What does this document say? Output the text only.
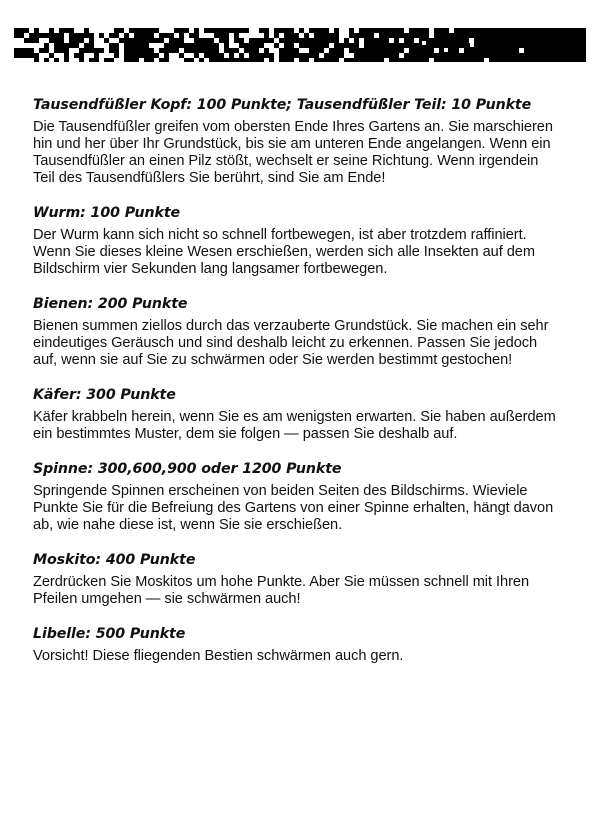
Tausendfüßler Kopf: 100 Punkte; Tausendfüßler Teil: 10 Punkte

Die Tausendfüßler greifen vom obersten Ende Ihres Gartens an. Sie marschieren hin und her über Ihr Grundstück, bis sie am unteren Ende angelangen. Wenn ein Tausendfüßler an einen Pilz stößt, wechselt er seine Richtung. Wenn irgendein Teil des Tausendfüßlers Sie berührt, sind Sie am Ende!

Wurm: 100 Punkte

Der Wurm kann sich nicht so schnell fortbewegen, ist aber trotzdem raffiniert. Wenn Sie dieses kleine Wesen erschießen, werden sich alle Insekten auf dem Bildschirm vier Sekunden lang langsamer fortbewegen.

Bienen: 200 Punkte

Bienen summen ziellos durch das verzauberte Grundstück. Sie machen ein sehr eindeutiges Geräusch und sind deshalb leicht zu erkennen. Passen Sie jedoch auf, wenn sie auf Sie zu schwärmen oder Sie werden bestimmt gestochen!

Käfer: 300 Punkte

Käfer krabbeln herein, wenn Sie es am wenigsten erwarten. Sie haben außerdem ein bestimmtes Muster, dem sie folgen — passen Sie deshalb auf.

Spinne: 300,600,900 oder 1200 Punkte

Springende Spinnen erscheinen von beiden Seiten des Bildschirms. Wieviele Punkte Sie für die Befreiung des Gartens von einer Spinne erhalten, hängt davon ab, wie nahe diese ist, wenn Sie sie erschießen.

Moskito: 400 Punkte

Zerdrücken Sie Moskitos um hohe Punkte. Aber Sie müssen schnell mit Ihren Pfeilen umgehen — sie schwärmen auch!

Libelle: 500 Punkte

Vorsicht! Diese fliegenden Bestien schwärmen auch gern.
